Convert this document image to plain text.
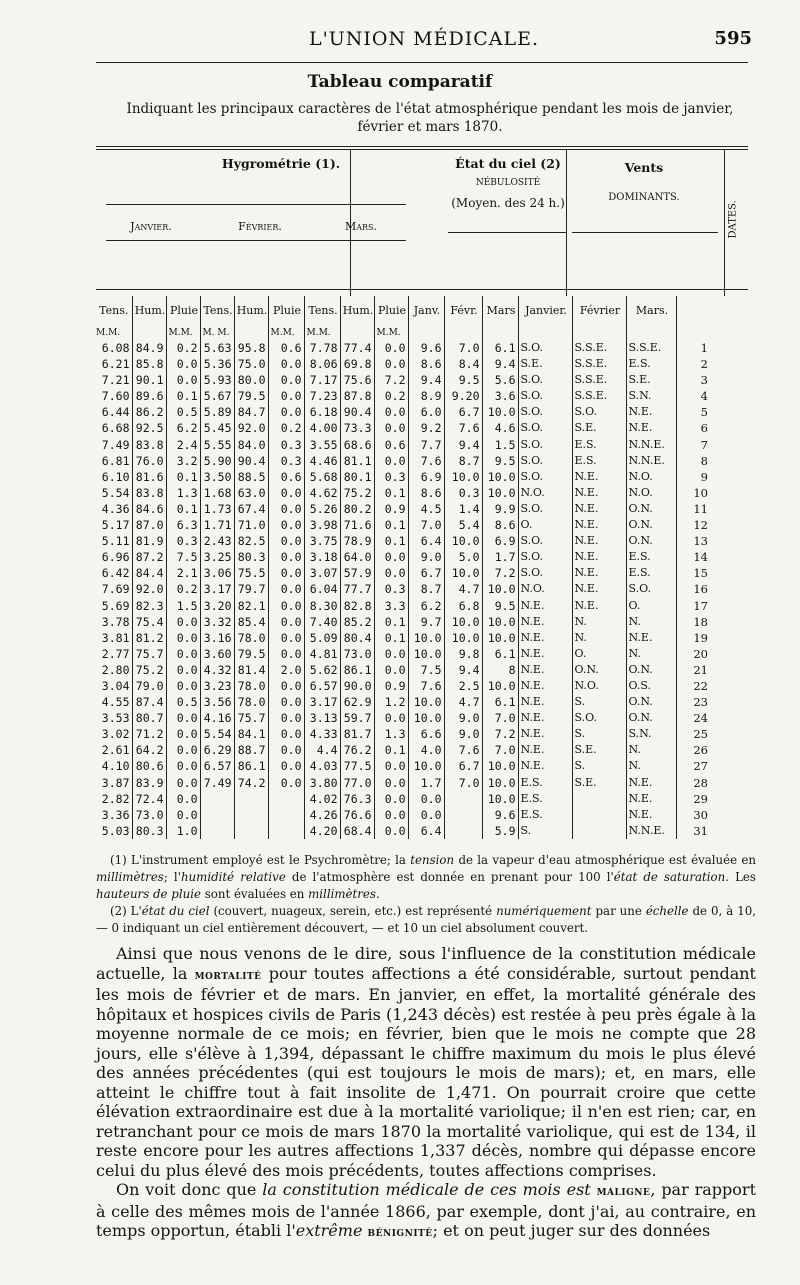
L'UNION MÉDICALE.	595
Tableau comparatif
Indiquant les principaux caractères de l'état atmosphérique pendant les mois de janvier, février et mars 1870.
Hygrométrie (1).	État du ciel (2)
NÉBULOSITÉ
(Moyen. des 24 h.)
Vents
DOMINANTS.
DATES.
Janvier.	Février.	Mars.
Tens.	Hum.	Pluie	Tens.	Hum.	Pluie	Tens.	Hum.	Pluie	Janv.	Févr.	Mars	Janvier.	Février	Mars.	
M.M.		M.M.	M. M.		M.M.	M.M.		M.M.							
6.08	84.9	0.2	5.63	95.8	0.6	7.78	77.4	0.0	9.6	7.0	6.1	S.O.	S.S.E.	S.S.E.	1
6.21	85.8	0.0	5.36	75.0	0.0	8.06	69.8	0.0	8.6	8.4	9.4	S.E.	S.S.E.	E.S.	2
7.21	90.1	0.0	5.93	80.0	0.0	7.17	75.6	7.2	9.4	9.5	5.6	S.O.	S.S.E.	S.E.	3
7.60	89.6	0.1	5.67	79.5	0.0	7.23	87.8	0.2	8.9	9.20	3.6	S.O.	S.S.E.	S.N.	4
6.44	86.2	0.5	5.89	84.7	0.0	6.18	90.4	0.0	6.0	6.7	10.0	S.O.	S.O.	N.E.	5
6.68	92.5	6.2	5.45	92.0	0.2	4.00	73.3	0.0	9.2	7.6	4.6	S.O.	S.E.	N.E.	6
7.49	83.8	2.4	5.55	84.0	0.3	3.55	68.6	0.6	7.7	9.4	1.5	S.O.	E.S.	N.N.E.	7
6.81	76.0	3.2	5.90	90.4	0.3	4.46	81.1	0.0	7.6	8.7	9.5	S.O.	E.S.	N.N.E.	8
6.10	81.6	0.1	3.50	88.5	0.6	5.68	80.1	0.3	6.9	10.0	10.0	S.O.	N.E.	N.O.	9
5.54	83.8	1.3	1.68	63.0	0.0	4.62	75.2	0.1	8.6	0.3	10.0	N.O.	N.E.	N.O.	10
4.36	84.6	0.1	1.73	67.4	0.0	5.26	80.2	0.9	4.5	1.4	9.9	S.O.	N.E.	O.N.	11
5.17	87.0	6.3	1.71	71.0	0.0	3.98	71.6	0.1	7.0	5.4	8.6	O.	N.E.	O.N.	12
5.11	81.9	0.3	2.43	82.5	0.0	3.75	78.9	0.1	6.4	10.0	6.9	S.O.	N.E.	O.N.	13
6.96	87.2	7.5	3.25	80.3	0.0	3.18	64.0	0.0	9.0	5.0	1.7	S.O.	N.E.	E.S.	14
6.42	84.4	2.1	3.06	75.5	0.0	3.07	57.9	0.0	6.7	10.0	7.2	S.O.	N.E.	E.S.	15
7.69	92.0	0.2	3.17	79.7	0.0	6.04	77.7	0.3	8.7	4.7	10.0	N.O.	N.E.	S.O.	16
5.69	82.3	1.5	3.20	82.1	0.0	8.30	82.8	3.3	6.2	6.8	9.5	N.E.	N.E.	O.	17
3.78	75.4	0.0	3.32	85.4	0.0	7.40	85.2	0.1	9.7	10.0	10.0	N.E.	N.	N.	18
3.81	81.2	0.0	3.16	78.0	0.0	5.09	80.4	0.1	10.0	10.0	10.0	N.E.	N.	N.E.	19
2.77	75.7	0.0	3.60	79.5	0.0	4.81	73.0	0.0	10.0	9.8	6.1	N.E.	O.	N.	20
2.80	75.2	0.0	4.32	81.4	2.0	5.62	86.1	0.0	7.5	9.4	8	N.E.	O.N.	O.N.	21
3.04	79.0	0.0	3.23	78.0	0.0	6.57	90.0	0.9	7.6	2.5	10.0	N.E.	N.O.	O.S.	22
4.55	87.4	0.5	3.56	78.0	0.0	3.17	62.9	1.2	10.0	4.7	6.1	N.E.	S.	O.N.	23
3.53	80.7	0.0	4.16	75.7	0.0	3.13	59.7	0.0	10.0	9.0	7.0	N.E.	S.O.	O.N.	24
3.02	71.2	0.0	5.54	84.1	0.0	4.33	81.7	1.3	6.6	9.0	7.2	N.E.	S.	S.N.	25
2.61	64.2	0.0	6.29	88.7	0.0	4.4	76.2	0.1	4.0	7.6	7.0	N.E.	S.E.	N.	26
4.10	80.6	0.0	6.57	86.1	0.0	4.03	77.5	0.0	10.0	6.7	10.0	N.E.	S.	N.	27
3.87	83.9	0.0	7.49	74.2	0.0	3.80	77.0	0.0	1.7	7.0	10.0	E.S.	S.E.	N.E.	28
2.82	72.4	0.0				4.02	76.3	0.0	0.0		10.0	E.S.		N.E.	29
3.36	73.0	0.0				4.26	76.6	0.0	0.0		9.6	E.S.		N.E.	30
5.03	80.3	1.0				4.20	68.4	0.0	6.4		5.9	S.		N.N.E.	31

(1) L'instrument employé est le Psychromètre; la tension de la vapeur d'eau atmosphérique est évaluée en millimètres; l'humidité relative de l'atmosphère est donnée en prenant pour 100 l'état de saturation. Les hauteurs de pluie sont évaluées en millimètres.

(2) L'état du ciel (couvert, nuageux, serein, etc.) est représenté numériquement par une échelle de 0, à 10, — 0 indiquant un ciel entièrement découvert, — et 10 un ciel absolument couvert.

Ainsi que nous venons de le dire, sous l'influence de la constitution médicale actuelle, la mortalité pour toutes affections a été considérable, surtout pendant les mois de février et de mars. En janvier, en effet, la mortalité générale des hôpitaux et hospices civils de Paris (1,243 décès) est restée à peu près égale à la moyenne normale de ce mois; en février, bien que le mois ne compte que 28 jours, elle s'élève à 1,394, dépassant le chiffre maximum du mois le plus élevé des années précédentes (qui est toujours le mois de mars); et, en mars, elle atteint le chiffre tout à fait insolite de 1,471. On pourrait croire que cette élévation extraordinaire est due à la mortalité variolique; il n'en est rien; car, en retranchant pour ce mois de mars 1870 la mortalité variolique, qui est de 134, il reste encore pour les autres affections 1,337 décès, nombre qui dépasse encore celui du plus élevé des mois précédents, toutes affections comprises.

On voit donc que la constitution médicale de ces mois est maligne, par rapport à celle des mêmes mois de l'année 1866, par exemple, dont j'ai, au contraire, en temps opportun, établi l'extrême bénignité; et on peut juger sur des données
